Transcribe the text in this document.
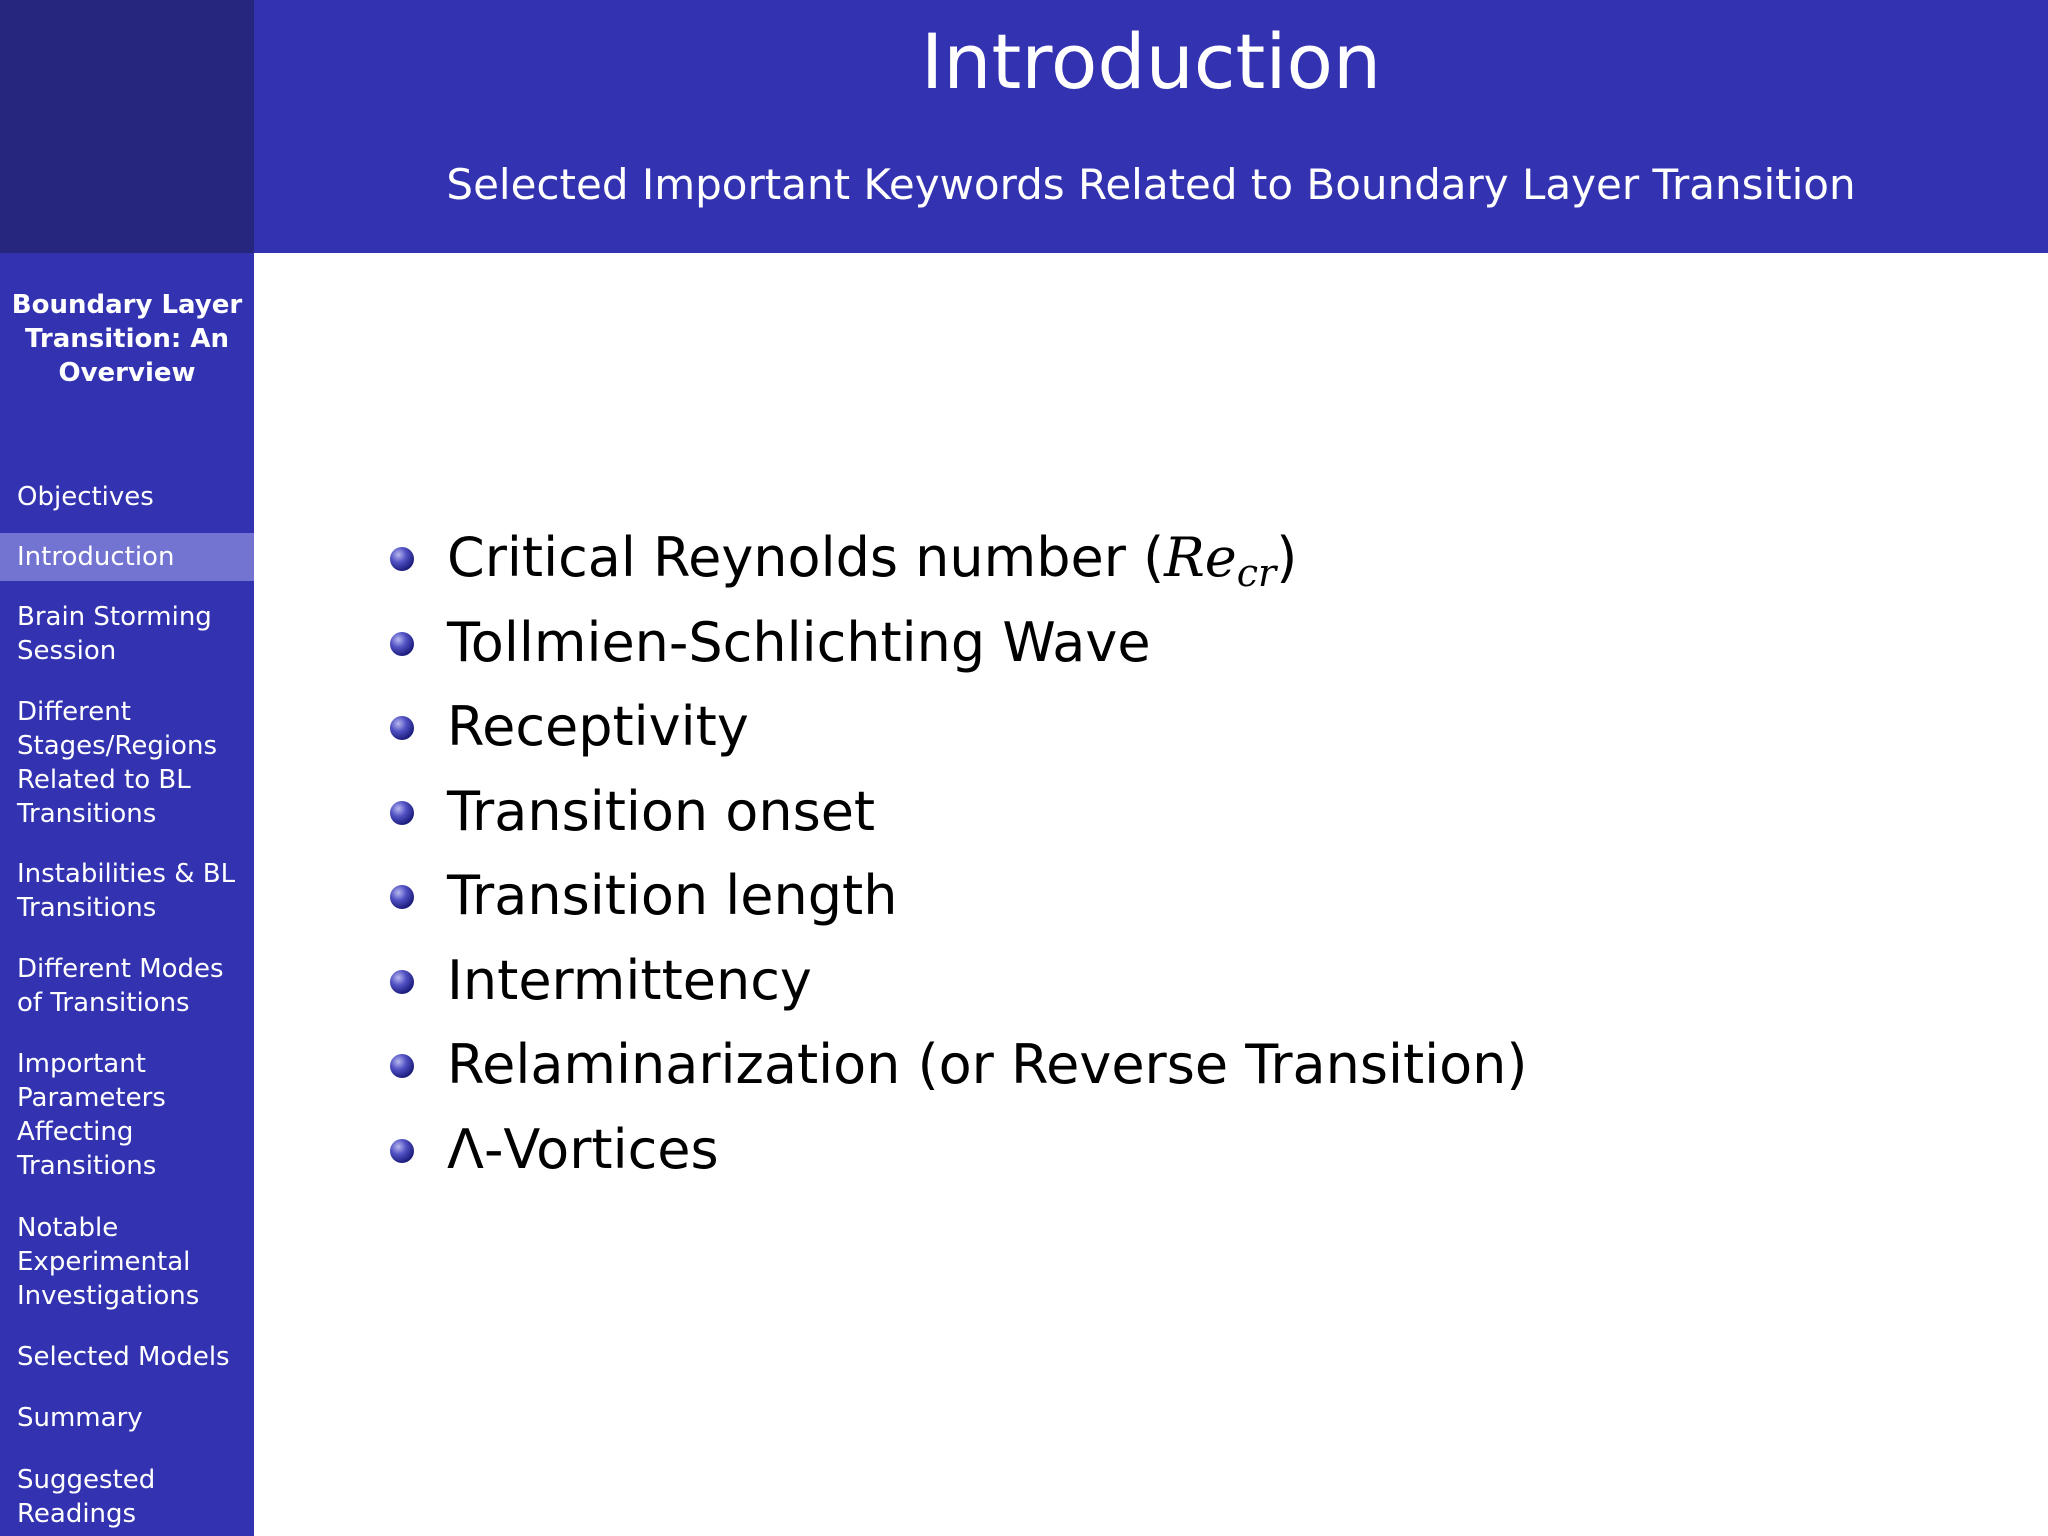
Boundary Layer
Transition: An
Overview
Objectives
Introduction
Brain Storming
Session
Different
Stages/Regions
Related to BL
Transitions
Instabilities & BL
Transitions
Different Modes
of Transitions
Important
Parameters
Affecting
Transitions
Notable
Experimental
Investigations
Selected Models
Summary
Suggested
Readings
Introduction
Selected Important Keywords Related to Boundary Layer Transition
Critical Reynolds number (Recr)
Tollmien-Schlichting Wave
Receptivity
Transition onset
Transition length
Intermittency
Relaminarization (or Reverse Transition)
Λ-Vortices
